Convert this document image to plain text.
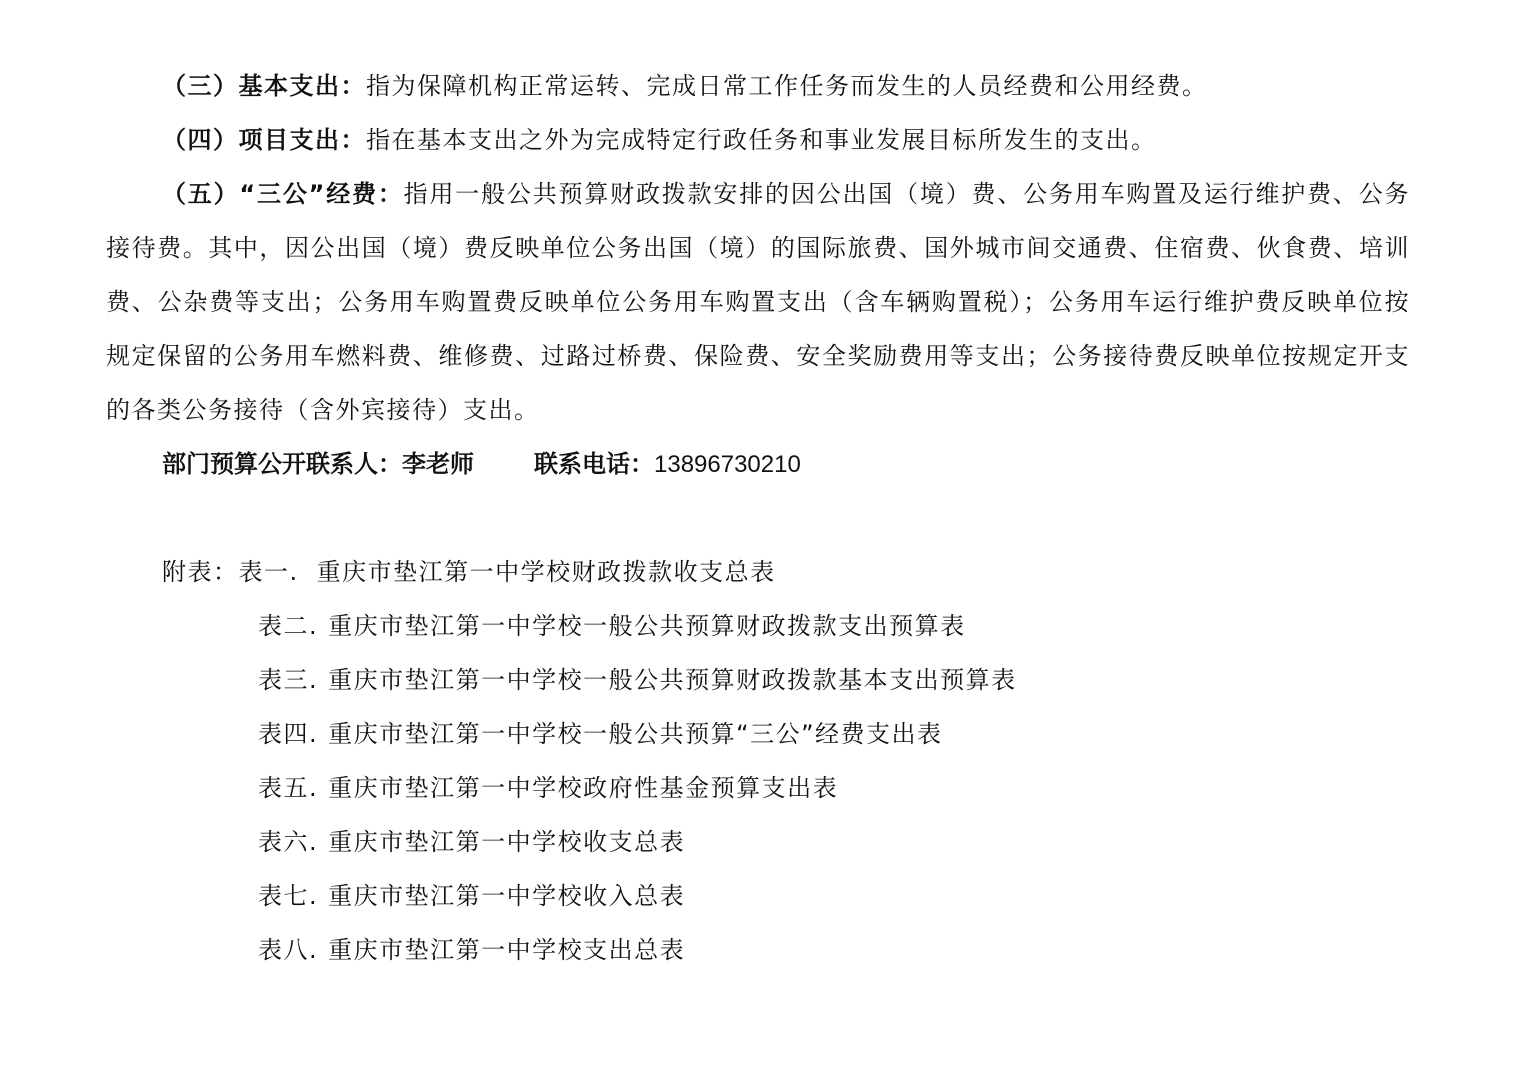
（三）基本支出：指为保障机构正常运转、完成日常工作任务而发生的人员经费和公用经费。

（四）项目支出：指在基本支出之外为完成特定行政任务和事业发展目标所发生的支出。

（五）“三公”经费：指用一般公共预算财政拨款安排的因公出国（境）费、公务用车购置及运行维护费、公务接待费。其中，因公出国（境）费反映单位公务出国（境）的国际旅费、国外城市间交通费、住宿费、伙食费、培训费、公杂费等支出；公务用车购置费反映单位公务用车购置支出（含车辆购置税）；公务用车运行维护费反映单位按规定保留的公务用车燃料费、维修费、过路过桥费、保险费、安全奖励费用等支出；公务接待费反映单位按规定开支的各类公务接待（含外宾接待）支出。

部门预算公开联系人：李老师	联系电话：13896730210
附表：表一. 重庆市垫江第一中学校财政拨款收支总表
表二. 重庆市垫江第一中学校一般公共预算财政拨款支出预算表
表三. 重庆市垫江第一中学校一般公共预算财政拨款基本支出预算表
表四. 重庆市垫江第一中学校一般公共预算“三公”经费支出表
表五. 重庆市垫江第一中学校政府性基金预算支出表
表六. 重庆市垫江第一中学校收支总表
表七. 重庆市垫江第一中学校收入总表
表八. 重庆市垫江第一中学校支出总表
